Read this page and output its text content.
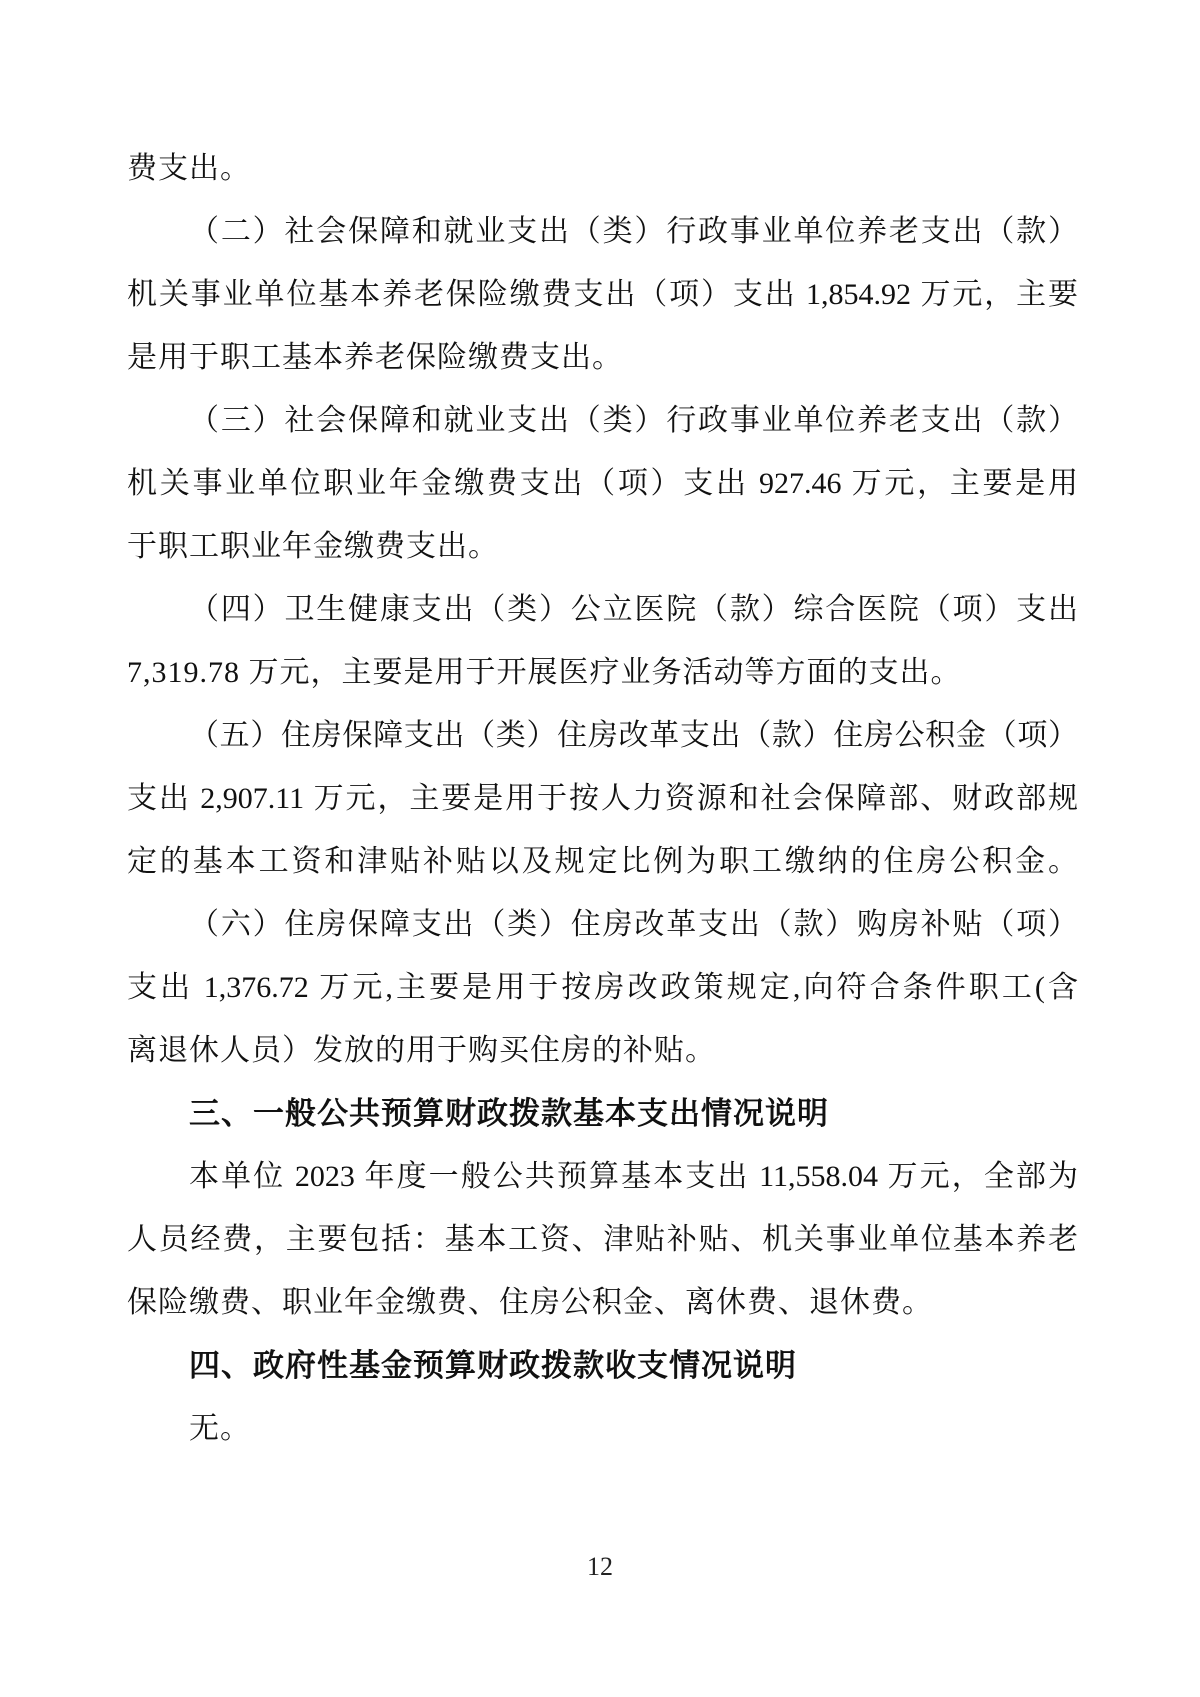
费支出。
（二）社会保障和就业支出（类）行政事业单位养老支出（款）
机关事业单位基本养老保险缴费支出（项）支出 1,854.92 万元，主要
是用于职工基本养老保险缴费支出。
（三）社会保障和就业支出（类）行政事业单位养老支出（款）
机关事业单位职业年金缴费支出（项）支出 927.46 万元，主要是用
于职工职业年金缴费支出。
（四）卫生健康支出（类）公立医院（款）综合医院（项）支出
7,319.78 万元，主要是用于开展医疗业务活动等方面的支出。
（五）住房保障支出（类）住房改革支出（款）住房公积金（项）
支出 2,907.11 万元，主要是用于按人力资源和社会保障部、财政部规
定的基本工资和津贴补贴以及规定比例为职工缴纳的住房公积金。
（六）住房保障支出（类）住房改革支出（款）购房补贴（项）
支出 1,376.72 万元,主要是用于按房改政策规定,向符合条件职工(含
离退休人员）发放的用于购买住房的补贴。
三、一般公共预算财政拨款基本支出情况说明
本单位 2023 年度一般公共预算基本支出 11,558.04 万元，全部为
人员经费，主要包括：基本工资、津贴补贴、机关事业单位基本养老
保险缴费、职业年金缴费、住房公积金、离休费、退休费。
四、政府性基金预算财政拨款收支情况说明
无。
12
